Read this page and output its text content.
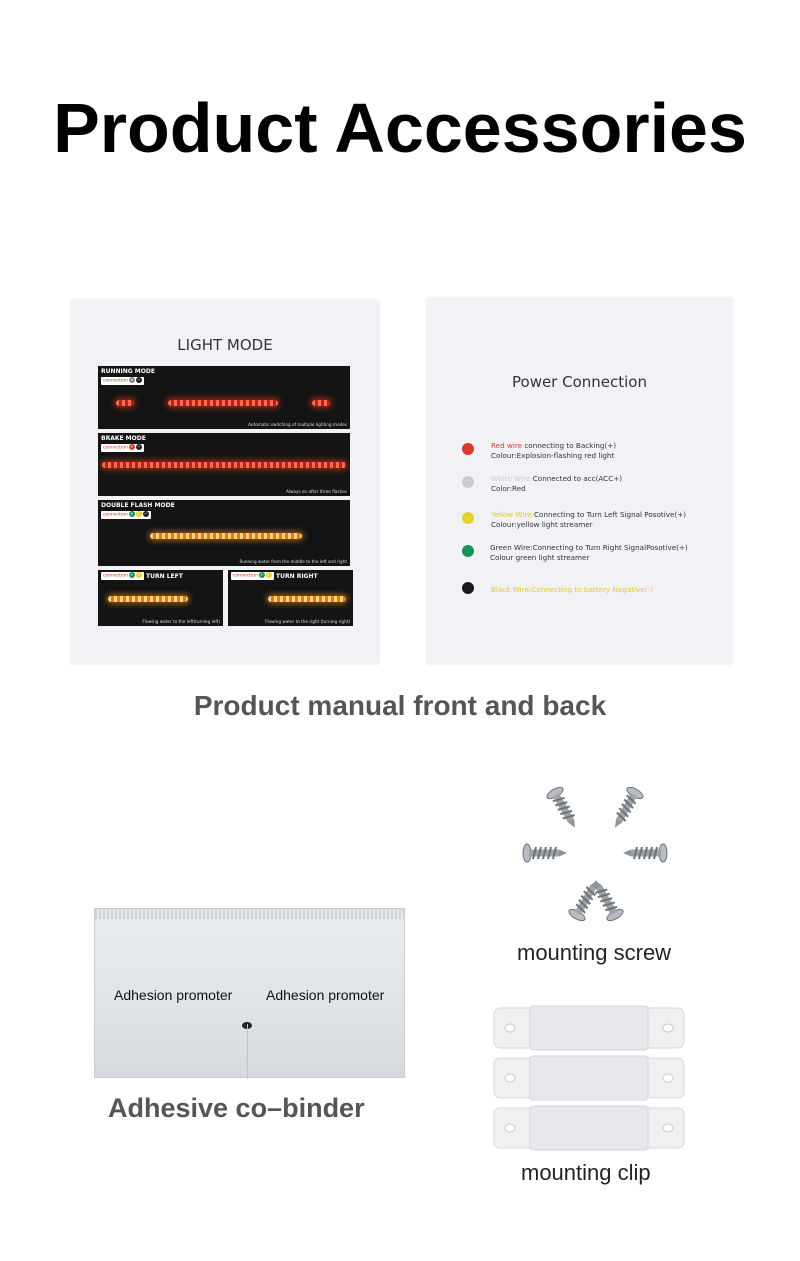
Product Accessories
LIGHT MODE
RUNNING MODE
connection + −
Automatic switching of multiple lighting modes
BRAKE MODE
connection + −
Always on after three flashes
DOUBLE FLASH MODE
connection + + −
Running water from the middle to the left and right
connection + + TURN LEFT
Flowing water to the left(turning left)
connection + + TURN RIGHT
Flowing water to the right (turning right)
Power Connection
Red wire connecting to Backing(+)
Colour:Explosion-flashing red light
White Wire:Connected to acc(ACC+)
Color:Red
Yellow Wire:Connecting to Turn Left Signal Posotive(+)
Colour:yellow light streamer
Green Wire:Connecting to Turn Right SignalPosotive(+)
Colour green light streamer
Black Wire:Connecting to battery Negative(-)
Product manual front and back
Adhesion promoter Adhesion promoter
Adhesive co–binder
mounting screw
mounting clip
